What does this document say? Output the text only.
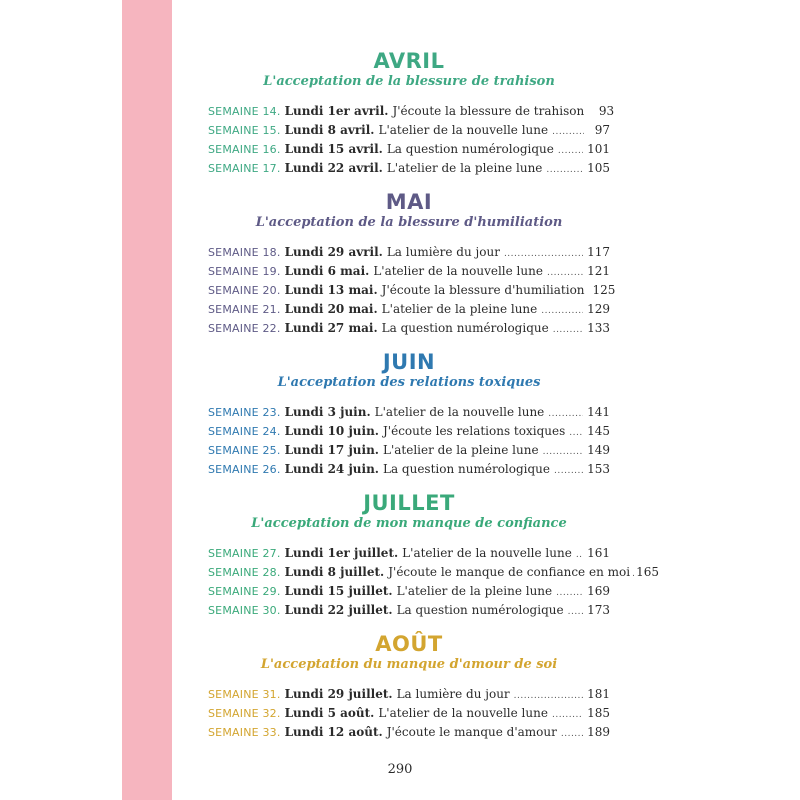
AVRIL

L'acceptation de la blessure de trahison

SEMAINE 14. Lundi 1er avril. J'écoute la blessure de trahison	93
SEMAINE 15. Lundi 8 avril. L'atelier de la nouvelle lune .....	97
SEMAINE 16. Lundi 15 avril. La question numérologique .....	101
SEMAINE 17. Lundi 22 avril. L'atelier de la pleine lune .....	105
MAI

L'acceptation de la blessure d'humiliation

SEMAINE 18. Lundi 29 avril. La lumière du jour .....	117
SEMAINE 19. Lundi 6 mai. L'atelier de la nouvelle lune .....	121
SEMAINE 20. Lundi 13 mai. J'écoute la blessure d'humiliation 125
SEMAINE 21. Lundi 20 mai. L'atelier de la pleine lune .....	129
SEMAINE 22. Lundi 27 mai. La question numérologique .....	133
JUIN

L'acceptation des relations toxiques

SEMAINE 23. Lundi 3 juin. L'atelier de la nouvelle lune .....	141
SEMAINE 24. Lundi 10 juin. J'écoute les relations toxiques ..... 145
SEMAINE 25. Lundi 17 juin. L'atelier de la pleine lune .....	149
SEMAINE 26. Lundi 24 juin. La question numérologique .....	153
JUILLET

L'acceptation de mon manque de confiance

SEMAINE 27. Lundi 1er juillet. L'atelier de la nouvelle lune ..... 161
SEMAINE 28. Lundi 8 juillet. J'écoute le manque de confiance en moi ..... 165
SEMAINE 29. Lundi 15 juillet. L'atelier de la pleine lune .....	169
SEMAINE 30. Lundi 22 juillet. La question numérologique ..... 173
AOÛT

L'acceptation du manque d'amour de soi

SEMAINE 31. Lundi 29 juillet. La lumière du jour .....	181
SEMAINE 32. Lundi 5 août. L'atelier de la nouvelle lune .....	185
SEMAINE 33. Lundi 12 août. J'écoute le manque d'amour .....	189
290
